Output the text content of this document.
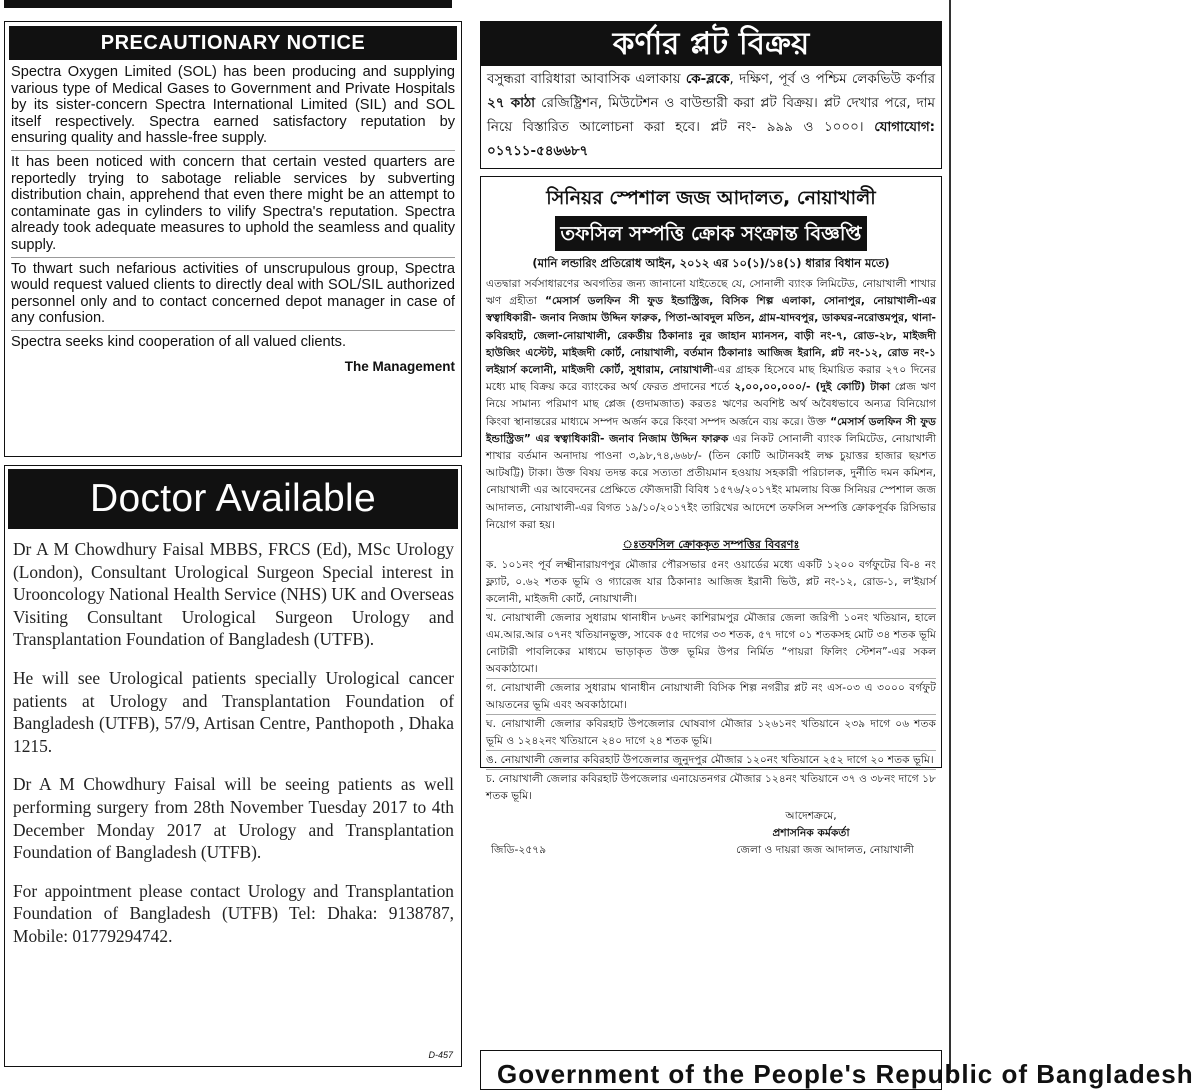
PRECAUTIONARY NOTICE

Spectra Oxygen Limited (SOL) has been producing and supplying various type of Medical Gases to Government and Private Hospitals by its sister-concern Spectra International Limited (SIL) and SOL itself respectively. Spectra earned satisfactory reputation by ensuring quality and hassle-free supply.

It has been noticed with concern that certain vested quarters are reportedly trying to sabotage reliable services by subverting distribution chain, apprehend that even there might be an attempt to contaminate gas in cylinders to vilify Spectra's reputation. Spectra already took adequate measures to uphold the seamless and quality supply.

To thwart such nefarious activities of unscrupulous group, Spectra would request valued clients to directly deal with SOL/SIL authorized personnel only and to contact concerned depot manager in case of any confusion.

Spectra seeks kind cooperation of all valued clients.

The Management
Doctor Available

Dr A M Chowdhury Faisal MBBS, FRCS (Ed), MSc Urology (London), Consultant Urological Surgeon Special interest in Urooncology National Health Service (NHS) UK and Overseas Visiting Consultant Urological Surgeon Urology and Transplantation Foundation of Bangladesh (UTFB).

He will see Urological patients specially Urological cancer patients at Urology and Transplantation Foundation of Bangladesh (UTFB), 57/9, Artisan Centre, Panthopoth , Dhaka 1215.

Dr A M Chowdhury Faisal will be seeing patients as well performing surgery from 28th November Tuesday 2017 to 4th December Monday 2017 at Urology and Transplantation Foundation of Bangladesh (UTFB).

For appointment please contact Urology and Transplantation Foundation of Bangladesh (UTFB) Tel: Dhaka: 9138787, Mobile: 01779294742.

D-457
কর্ণার প্লট বিক্রয়
বসুন্ধরা বারিধারা আবাসিক এলাকায় কে-ব্লকে, দক্ষিণ, পূর্ব ও পশ্চিম লেকভিউ কর্ণার ২৭ কাঠা রেজিষ্ট্রিশন, মিউটেশন ও বাউন্ডারী করা প্লট বিক্রয়। প্লট দেখার পরে, দাম নিয়ে বিস্তারিত আলোচনা করা হবে। প্লট নং- ৯৯৯ ও ১০০০। যোগাযোগ: ০১৭১১-৫৪৬৬৮৭
সিনিয়র স্পেশাল জজ আদালত, নোয়াখালী
তফসিল সম্পত্তি ক্রোক সংক্রান্ত বিজ্ঞপ্তি
(মানি লন্ডারিং প্রতিরোধ আইন, ২০১২ এর ১০(১)/১৪(১) ধারার বিধান মতে)
এতদ্বারা সর্বসাধারণের অবগতির জন্য জানানো যাইতেছে যে, সোনালী ব্যাংক লিমিটেড, নোয়াখালী শাখার ঋণ গ্রহীতা “মেসার্স ডলফিন সী ফুড ইন্ডাস্ট্রিজ, বিসিক শিল্প এলাকা, সোনাপুর, নোয়াখালী-এর স্বত্বাধিকারী- জনাব নিজাম উদ্দিন ফারুক, পিতা-আবদুল মতিন, গ্রাম-যাদবপুর, ডাকঘর-নরোত্তমপুর, থানা-কবিরহাট, জেলা-নোয়াখালী, রেকর্ডীয় ঠিকানাঃ নুর জাহান ম্যানসন, বাড়ী নং-৭, রোড-২৮, মাইজদী হাউজিং এস্টেট, মাইজদী কোর্ট, নোয়াখালী, বর্তমান ঠিকানাঃ আজিজ ইরানি, প্লট নং-১২, রোড নং-১ লইয়ার্স কলোনী, মাইজদী কোর্ট, সুধারাম, নোয়াখালী-এর গ্রাহক হিসেবে মাছ হিমায়িত করার ২৭০ দিনের মধ্যে মাছ বিক্রয় করে ব্যাংকের অর্থ ফেরত প্রদানের শর্তে ২,০০,০০,০০০/- (দুই কোটি) টাকা প্লেজ ঋণ নিয়ে সামান্য পরিমাণ মাছ প্লেজ (গুদামজাত) করতঃ ঋণের অবশিষ্ট অর্থ অবৈধভাবে অন্যত্র বিনিয়োগ কিংবা স্থানান্তরের মাধ্যমে সম্পদ অর্জন করে কিংবা সম্পদ অর্জনে ব্যয় করে। উক্ত “মেসার্স ডলফিন সী ফুড ইন্ডাস্ট্রিজ” এর স্বত্বাধিকারী- জনাব নিজাম উদ্দিন ফারুক এর নিকট সোনালী ব্যাংক লিমিটেড, নোয়াখালী শাখার বর্তমান অনাদায় পাওনা ৩,৯৮,৭৪,৬৬৮/- (তিন কোটি আটানব্বই লক্ষ চুয়াত্তর হাজার ছয়শত আটষট্টি) টাকা। উক্ত বিষয় তদন্ত করে সত্যতা প্রতীয়মান হওয়ায় সহকারী পরিচালক, দুর্নীতি দমন কমিশন, নোয়াখালী এর আবেদনের প্রেক্ষিতে ফৌজদারী বিবিধ ১৫৭৬/২০১৭ইং মামলায় বিজ্ঞ সিনিয়র স্পেশাল জজ আদালত, নোয়াখালী-এর বিগত ১৯/১০/২০১৭ইং তারিখের আদেশে তফসিল সম্পত্তি ক্রোকপূর্বক রিসিভার নিয়োগ করা হয়।
ঃতফসিল ক্রোককৃত সম্পত্তির বিবরণঃ
ক. ১০১নং পূর্ব লক্ষ্মীনারায়ণপুর মৌজার পৌরসভার ৫নং ওয়ার্ডের মধ্যে একটি ১২০০ বর্গফুটের বি-৪ নং ফ্ল্যাট, ০.৬২ শতক ভূমি ও গ্যারেজ যার ঠিকানাঃ আজিজ ইরানী ভিউ, প্লট নং-১২, রোড-১, ল'ইয়ার্স কলোনী, মাইজদী কোর্ট, নোয়াখালী।
খ. নোয়াখালী জেলার সুধারাম থানাধীন ৮৬নং কাশিরামপুর মৌজার জেলা জরিপী ১০নং খতিয়ান, হালে এম.আর.আর ০৭নং খতিয়ানভুক্ত, সাবেক ৫৫ দাগের ৩৩ শতক, ৫৭ দাগে ০১ শতকসহ মোট ৩৪ শতক ভূমি নোটারী পাবলিকের মাধ্যমে ভাড়াকৃত উক্ত ভূমির উপর নির্মিত “পায়রা ফিলিং স্টেশন”-এর সকল অবকাঠামো।
গ. নোয়াখালী জেলার সুধারাম থানাধীন নোয়াখালী বিসিক শিল্প নগরীর প্লট নং এস-০৩ এ ৩০০০ বর্গফুট আয়তনের ভূমি এবং অবকাঠামো।
ঘ. নোয়াখালী জেলার কবিরহাট উপজেলার ঘোষবাগ মৌজার ১২৬১নং খতিয়ানে ২৩৯ দাগে ০৬ শতক ভূমি ও ১২৪২নং খতিয়ানে ২৪০ দাগে ২৪ শতক ভূমি।
ঙ. নোয়াখালী জেলার কবিরহাট উপজেলার জুনুদপুর মৌজার ১২০নং খতিয়ানে ২৫২ দাগে ২০ শতক ভূমি।
চ. নোয়াখালী জেলার কবিরহাট উপজেলার এনায়েতনগর মৌজার ১২৪নং খতিয়ানে ৩৭ ও ৩৮নং দাগে ১৮ শতক ভূমি।
আদেশক্রমে,
প্রশাসনিক কর্মকর্তা
জিডি-২৫৭৯	জেলা ও দায়রা জজ আদালত, নোয়াখালী
Government of the People's Republic of Bangladesh
